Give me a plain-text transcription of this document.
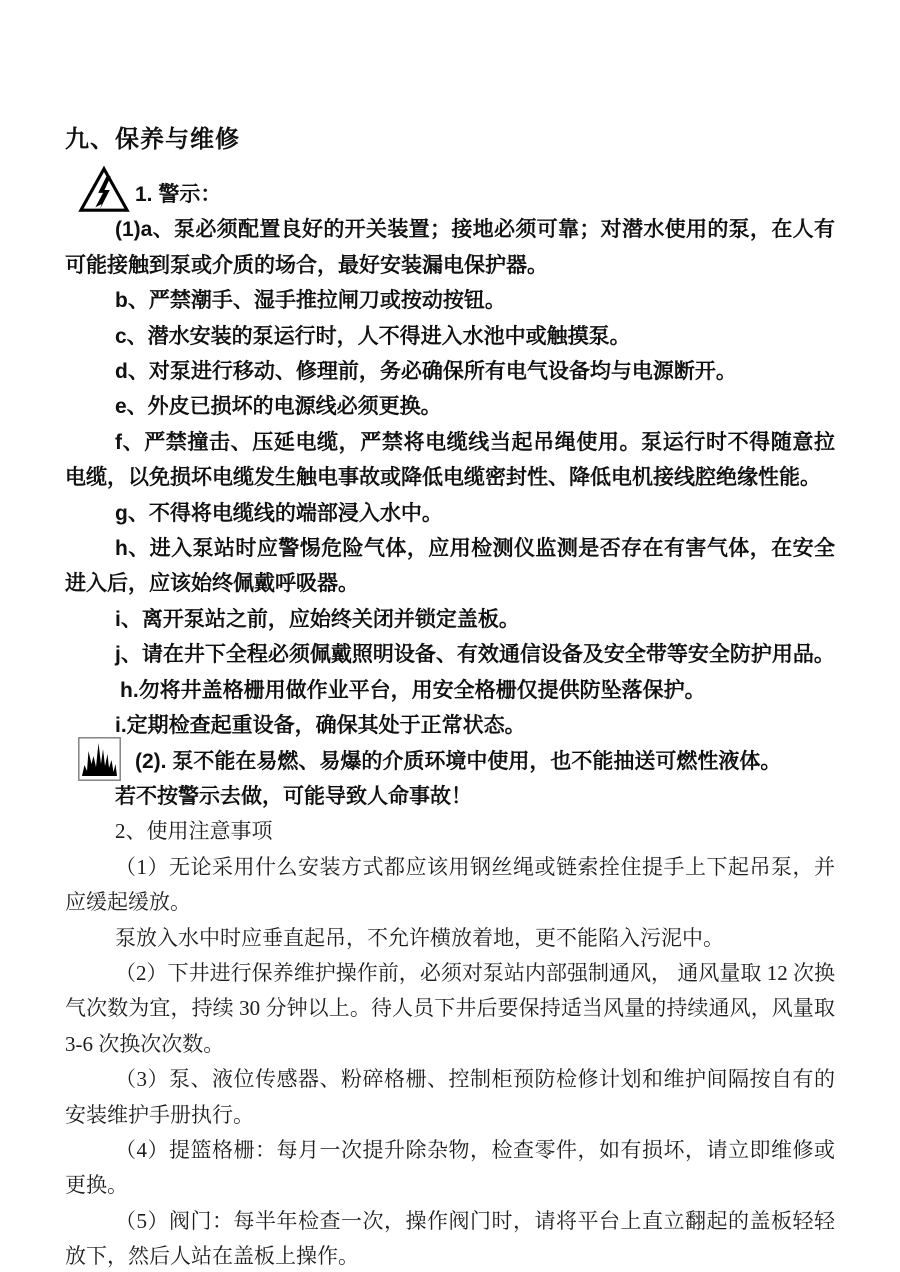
九、保养与维修
1. 警示：
(1)a、泵必须配置良好的开关装置；接地必须可靠；对潜水使用的泵，在人有可能接触到泵或介质的场合，最好安装漏电保护器。
b、严禁潮手、湿手推拉闸刀或按动按钮。
c、潜水安装的泵运行时，人不得进入水池中或触摸泵。
d、对泵进行移动、修理前，务必确保所有电气设备均与电源断开。
e、外皮已损坏的电源线必须更换。
f、严禁撞击、压延电缆，严禁将电缆线当起吊绳使用。泵运行时不得随意拉电缆，以免损坏电缆发生触电事故或降低电缆密封性、降低电机接线腔绝缘性能。
g、不得将电缆线的端部浸入水中。
h、进入泵站时应警惕危险气体，应用检测仪监测是否存在有害气体，在安全进入后，应该始终佩戴呼吸器。
i、离开泵站之前，应始终关闭并锁定盖板。
j、请在井下全程必须佩戴照明设备、有效通信设备及安全带等安全防护用品。
h.勿将井盖格栅用做作业平台，用安全格栅仅提供防坠落保护。
i.定期检查起重设备，确保其处于正常状态。
(2). 泵不能在易燃、易爆的介质环境中使用，也不能抽送可燃性液体。
若不按警示去做，可能导致人命事故！
2、使用注意事项
（1）无论采用什么安装方式都应该用钢丝绳或链索拴住提手上下起吊泵，并应缓起缓放。
泵放入水中时应垂直起吊，不允许横放着地，更不能陷入污泥中。
（2）下井进行保养维护操作前，必须对泵站内部强制通风， 通风量取 12 次换气次数为宜，持续 30 分钟以上。待人员下井后要保持适当风量的持续通风，风量取 3-6 次换次次数。
（3）泵、液位传感器、粉碎格栅、控制柜预防检修计划和维护间隔按自有的安装维护手册执行。
（4）提篮格栅：每月一次提升除杂物，检查零件，如有损坏，请立即维修或更换。
（5）阀门：每半年检查一次，操作阀门时，请将平台上直立翻起的盖板轻轻放下，然后人站在盖板上操作。
